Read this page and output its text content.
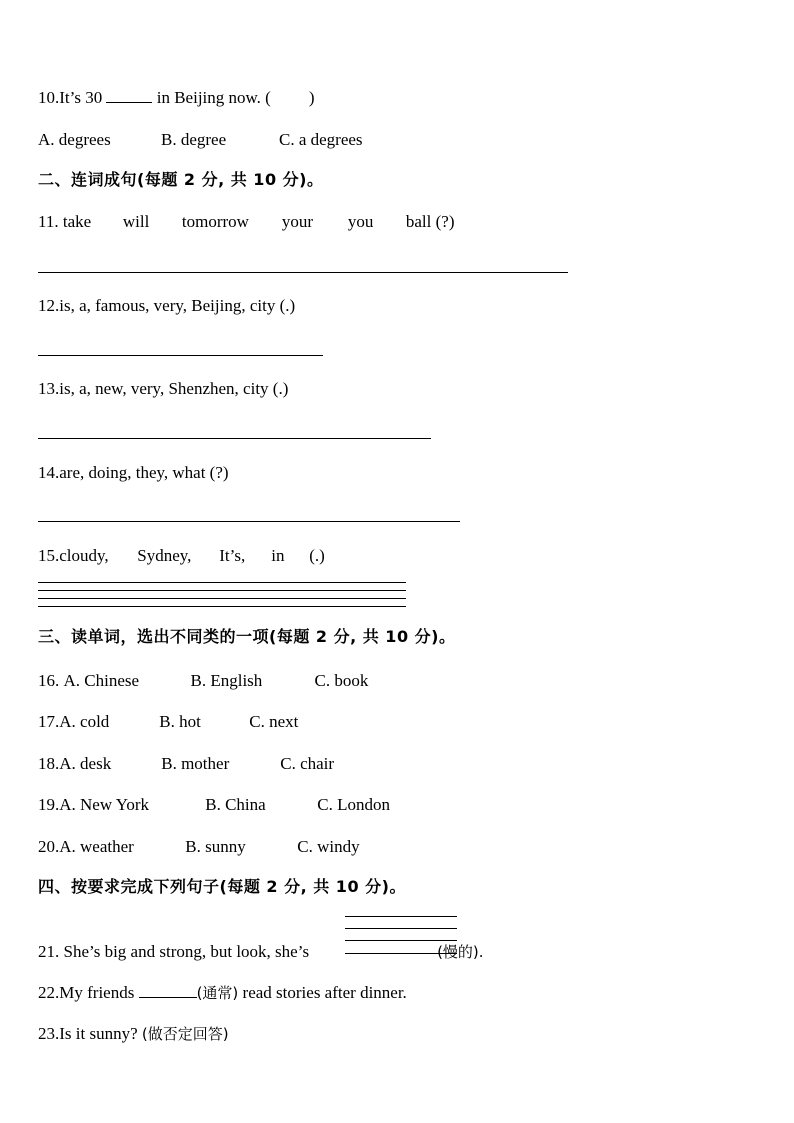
10.It’s 30	in Beijing now. ( )
A. degrees	B. degree	C. a degrees
二、连词成句(每题 2 分, 共 10 分)。
11. take will tomorrow your you ball (?)
12.is, a, famous, very, Beijing, city (.)
13.is, a, new, very, Shenzhen, city (.)
14.are, doing, they, what (?)
15.cloudy, Sydney, It’s, in (.)
三、读单词，选出不同类的一项(每题 2 分, 共 10 分)。
16. A. Chinese	B. English	C. book
17.A. cold	B. hot	C. next
18.A. desk	B. mother	C. chair
19.A. New York	B. China	C. London
20.A. weather	B. sunny	C. windy
四、按要求完成下列句子(每题 2 分, 共 10 分)。
21. She’s big and strong, but look, she’s	(慢的).
22.My friends	(通常) read stories after dinner.
23.Is it sunny? (做否定回答)
